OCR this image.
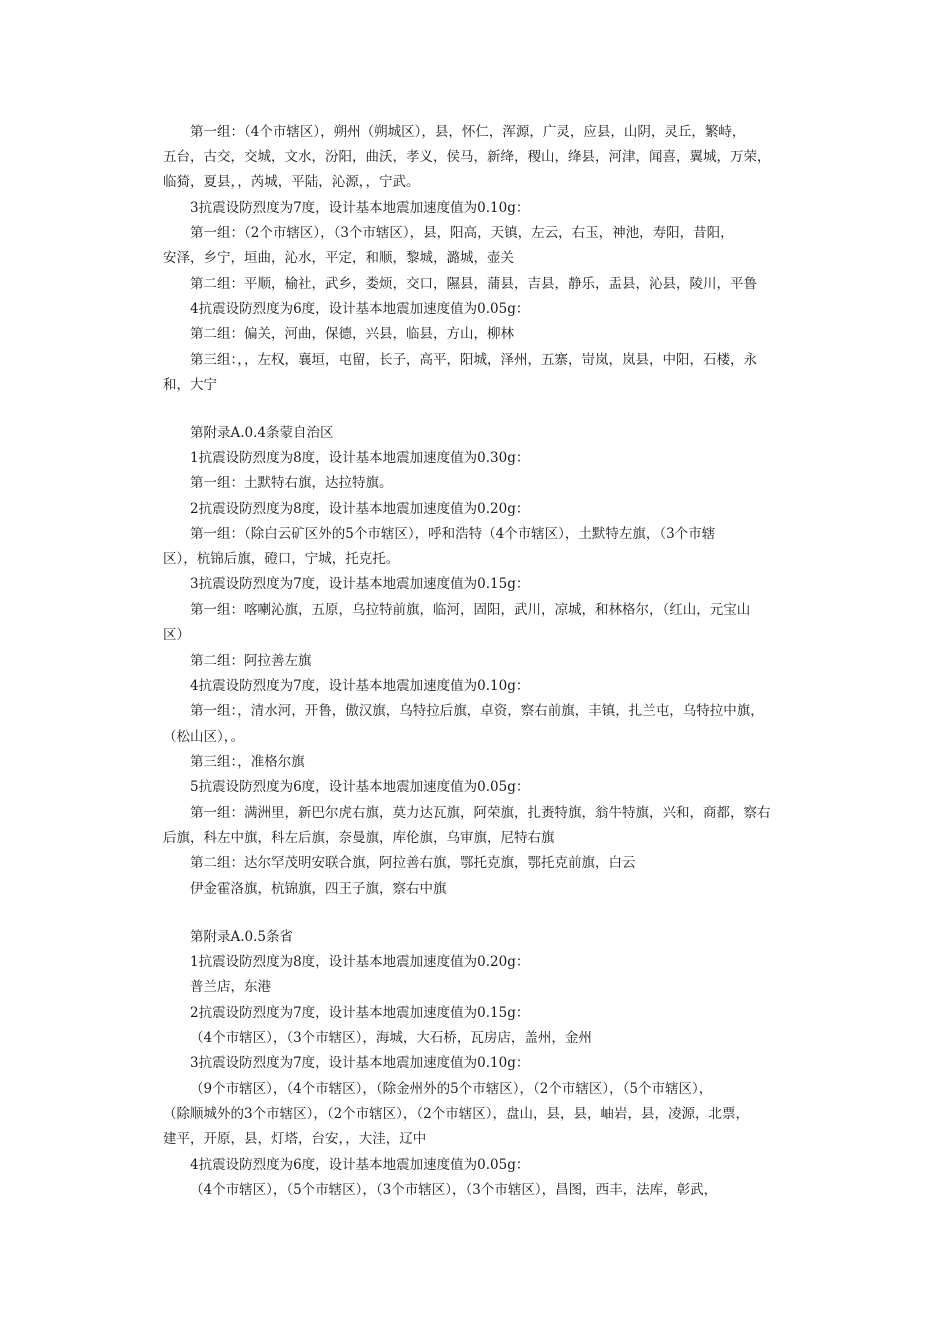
第一组：（4个市辖区），朔州（朔城区），县，怀仁，浑源，广灵，应县，山阴，灵丘，繁峙，
五台，古交，交城，文水，汾阳，曲沃，孝义，侯马，新绛，稷山，绛县，河津，闻喜，翼城，万荣，
临猗，夏县，，芮城，平陆，沁源，，宁武。
3抗震设防烈度为7度，设计基本地震加速度值为0.10g：
第一组：（2个市辖区），（3个市辖区），县，阳高，天镇，左云，右玉，神池，寿阳，昔阳，
安泽，乡宁，垣曲，沁水，平定，和顺，黎城，潞城，壶关
第二组：平顺，榆社，武乡，娄烦，交口，隰县，蒲县，吉县，静乐，盂县，沁县，陵川，平鲁
4抗震设防烈度为6度，设计基本地震加速度值为0.05g：
第二组：偏关，河曲，保德，兴县，临县，方山，柳林
第三组：，，左权，襄垣，屯留，长子，高平，阳城，泽州，五寨，岢岚，岚县，中阳，石楼，永
和，大宁
第附录A.0.4条蒙自治区
1抗震设防烈度为8度，设计基本地震加速度值为0.30g：
第一组：土默特右旗，达拉特旗。
2抗震设防烈度为8度，设计基本地震加速度值为0.20g：
第一组：（除白云矿区外的5个市辖区），呼和浩特（4个市辖区），土默特左旗，（3个市辖
区），杭锦后旗，磴口，宁城，托克托。
3抗震设防烈度为7度，设计基本地震加速度值为0.15g：
第一组：喀喇沁旗，五原，乌拉特前旗，临河，固阳，武川，凉城，和林格尔，（红山，元宝山
区）
第二组：阿拉善左旗
4抗震设防烈度为7度，设计基本地震加速度值为0.10g：
第一组：，清水河，开鲁，傲汉旗，乌特拉后旗，卓资，察右前旗，丰镇，扎兰屯，乌特拉中旗，
（松山区），。
第三组：，准格尔旗
5抗震设防烈度为6度，设计基本地震加速度值为0.05g：
第一组：满洲里，新巴尔虎右旗，莫力达瓦旗，阿荣旗，扎赉特旗，翁牛特旗，兴和，商都，察右
后旗，科左中旗，科左后旗，奈曼旗，库伦旗，乌审旗，尼特右旗
第二组：达尔罕茂明安联合旗，阿拉善右旗，鄂托克旗，鄂托克前旗，白云
伊金霍洛旗，杭锦旗，四王子旗，察右中旗
第附录A.0.5条省
1抗震设防烈度为8度，设计基本地震加速度值为0.20g：
普兰店，东港
2抗震设防烈度为7度，设计基本地震加速度值为0.15g：
（4个市辖区），（3个市辖区），海城，大石桥，瓦房店，盖州，金州
3抗震设防烈度为7度，设计基本地震加速度值为0.10g：
（9个市辖区），（4个市辖区），（除金州外的5个市辖区），（2个市辖区），（5个市辖区），
（除顺城外的3个市辖区），（2个市辖区），（2个市辖区），盘山，县，县，岫岩，县，凌源，北票，
建平，开原，县，灯塔，台安，，大洼，辽中
4抗震设防烈度为6度，设计基本地震加速度值为0.05g：
（4个市辖区），（5个市辖区），（3个市辖区），（3个市辖区），昌图，西丰，法库，彰武，
